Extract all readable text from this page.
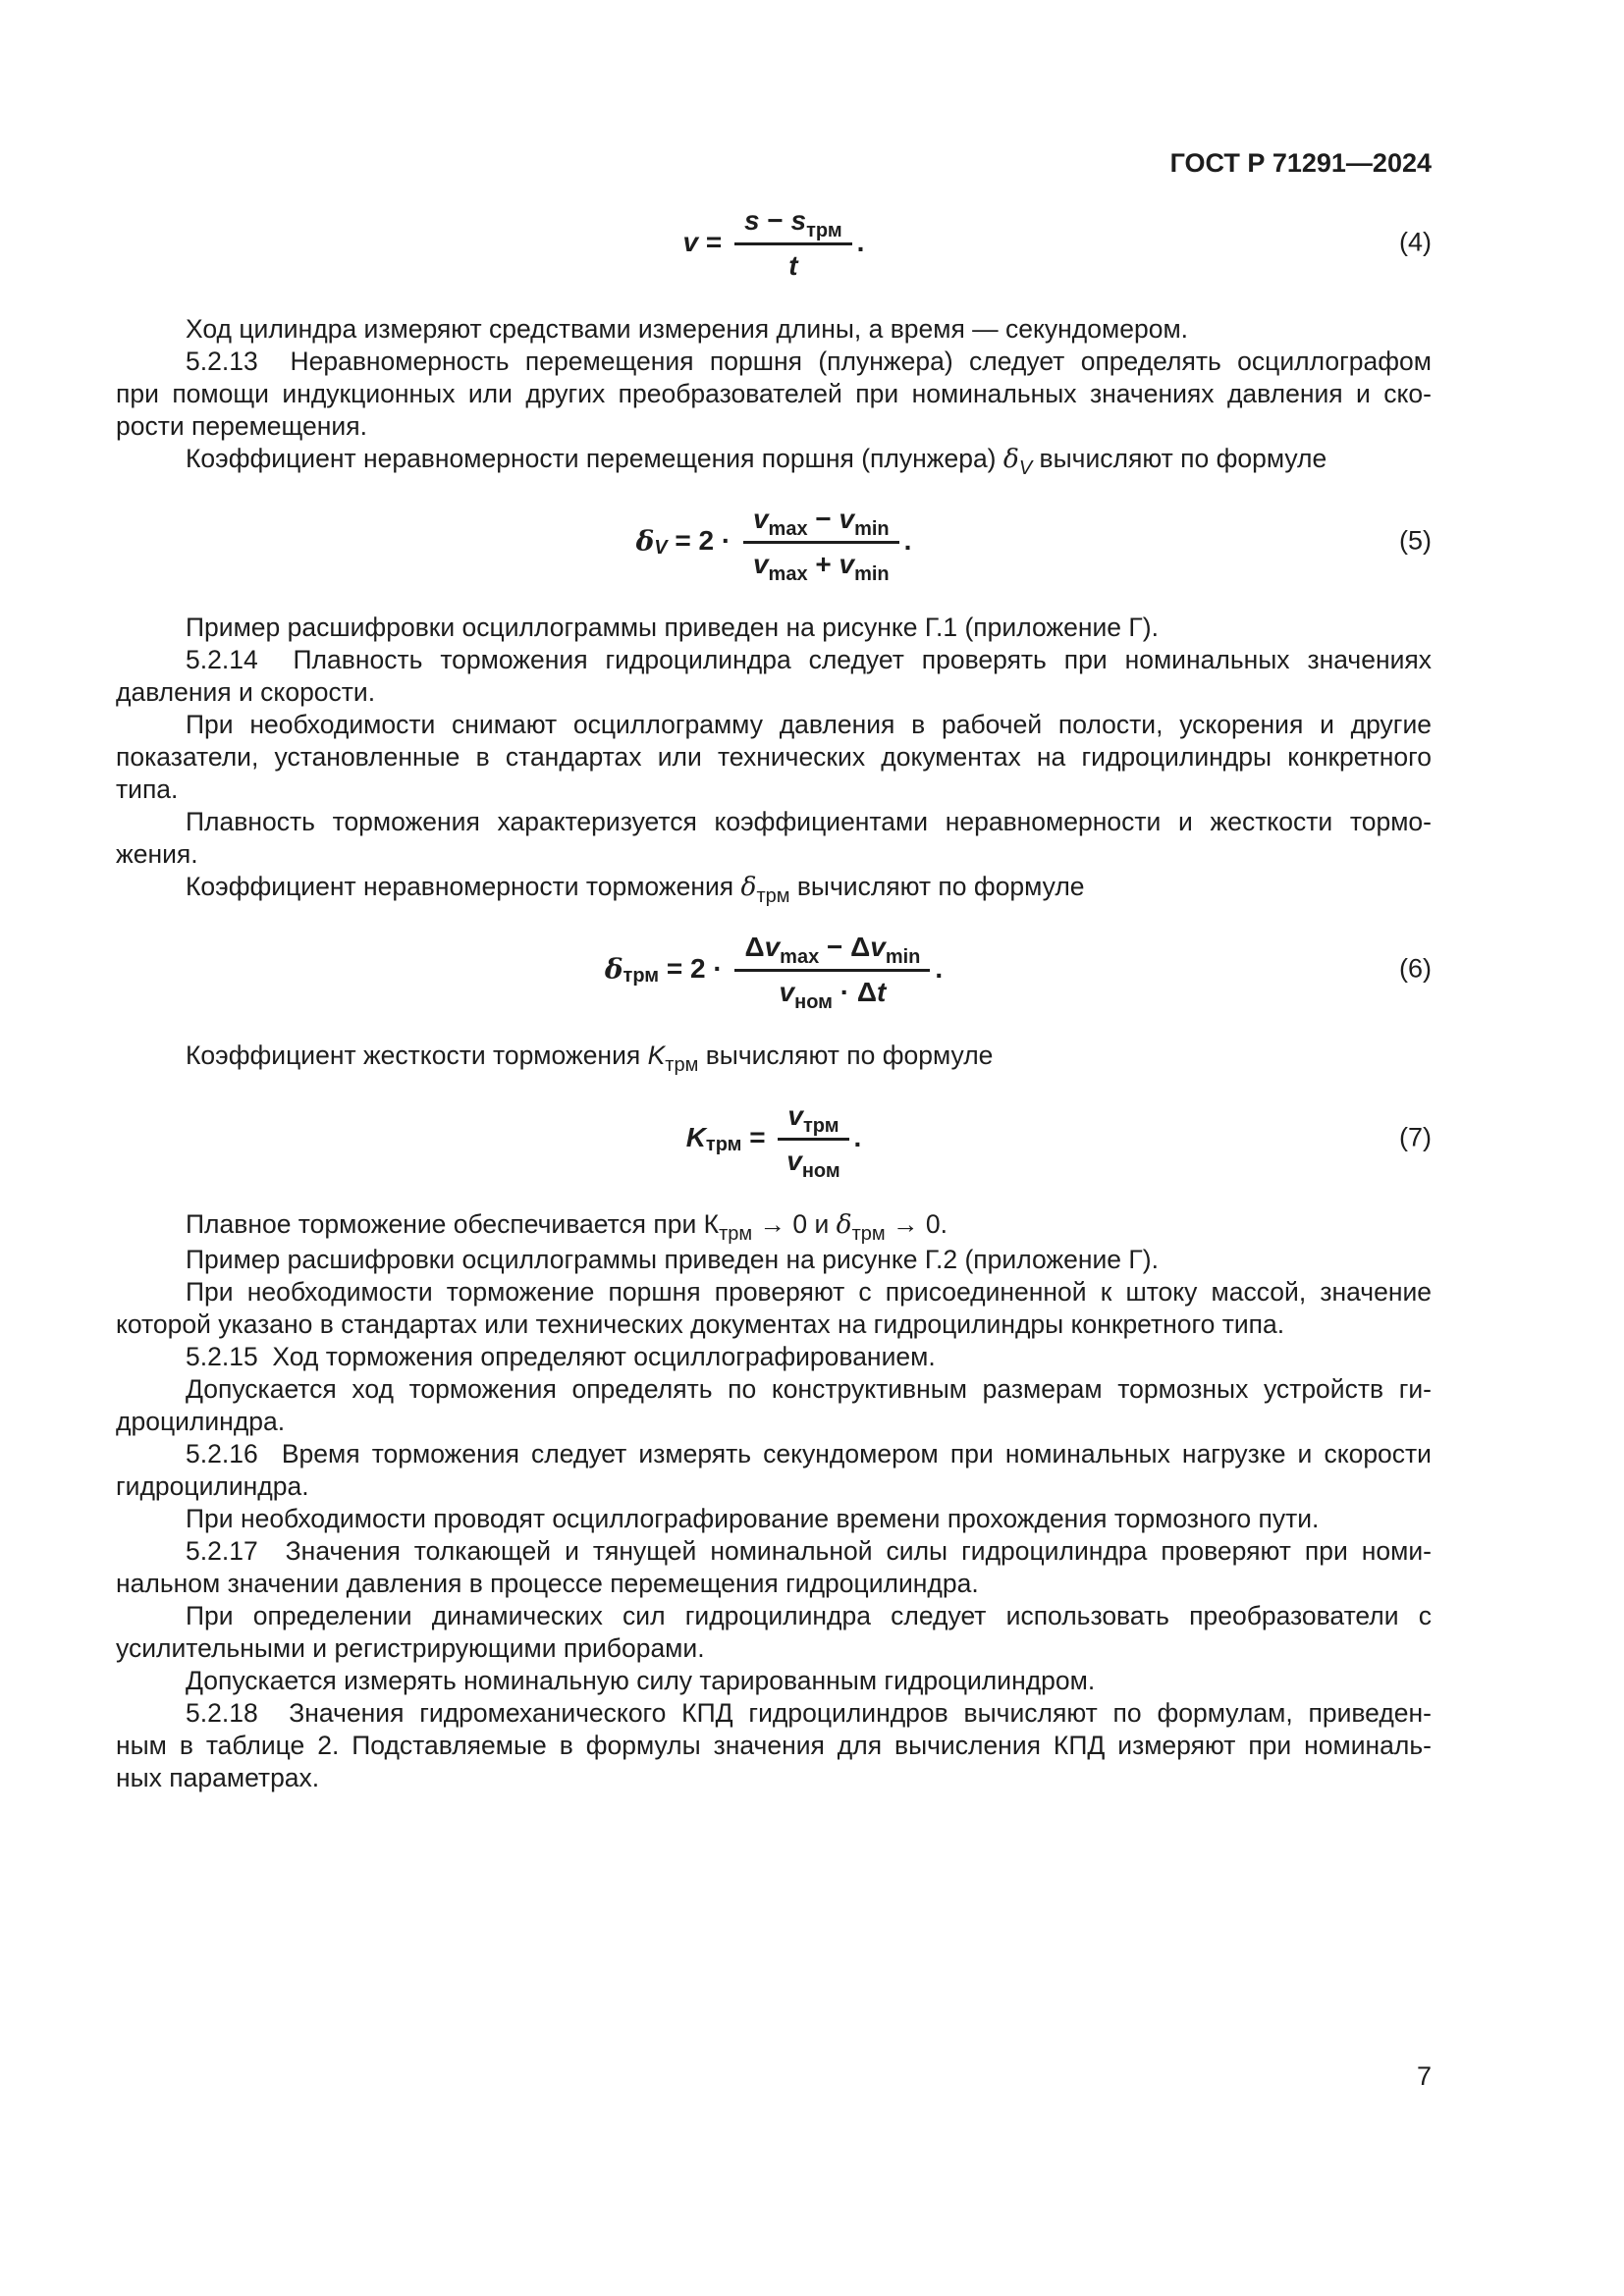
ГОСТ Р 71291—2024
$v = \frac{s - s_{трм}}{t}$ .	(4)
Ход цилиндра измеряют средствами измерения длины, а время — секундомером.
5.2.13  Неравномерность перемещения поршня (плунжера) следует определять осциллографом
при помощи индукционных или других преобразователей при номинальных значениях давления и ско-
рости перемещения.
Коэффициент неравномерности перемещения поршня (плунжера) $\delta_V$ вычисляют по формуле
δ $V = 2 \cdot \frac{v_{max} - v_{min}}{v_{max} + v_{min}}$ .	(5)
Пример расшифровки осциллограммы приведен на рисунке Г.1 (приложение Г).
5.2.14  Плавность торможения гидроцилиндра следует проверять при номинальных значениях
давления и скорости.
При необходимости снимают осциллограмму давления в рабочей полости, ускорения и другие
показатели, установленные в стандартах или технических документах на гидроцилиндры конкретного
типа.
Плавность торможения характеризуется коэффициентами неравномерности и жесткости тормо-
жения.
Коэффициент неравномерности торможения $\delta_{трм}$ вычисляют по формуле
δ трм = $2 \cdot \frac{\Delta v_{max} - \Delta v_{min}}{v_{ном} \cdot \Delta t}$ .	(6)
Коэффициент жесткости торможения $K_{трм}$ вычисляют по формуле
K трм = $\frac{v_{трм}}{v_{ном}}$ .	(7)
Плавное торможение обеспечивается при $К_{трм} \to 0$ и $\delta_{трм} \to 0$.
Пример расшифровки осциллограммы приведен на рисунке Г.2 (приложение Г).
При необходимости торможение поршня проверяют с присоединенной к штоку массой, значение
которой указано в стандартах или технических документах на гидроцилиндры конкретного типа.
5.2.15  Ход торможения определяют осциллографированием.
Допускается ход торможения определять по конструктивным размерам тормозных устройств ги-
дроцилиндра.
5.2.16  Время торможения следует измерять секундомером при номинальных нагрузке и скорости
гидроцилиндра.
При необходимости проводят осциллографирование времени прохождения тормозного пути.
5.2.17  Значения толкающей и тянущей номинальной силы гидроцилиндра проверяют при номи-
нальном значении давления в процессе перемещения гидроцилиндра.
При определении динамических сил гидроцилиндра следует использовать преобразователи с
усилительными и регистрирующими приборами.
Допускается измерять номинальную силу тарированным гидроцилиндром.
5.2.18  Значения гидромеханического КПД гидроцилиндров вычисляют по формулам, приведен-
ным в таблице 2. Подставляемые в формулы значения для вычисления КПД измеряют при номиналь-
ных параметрах.
7
